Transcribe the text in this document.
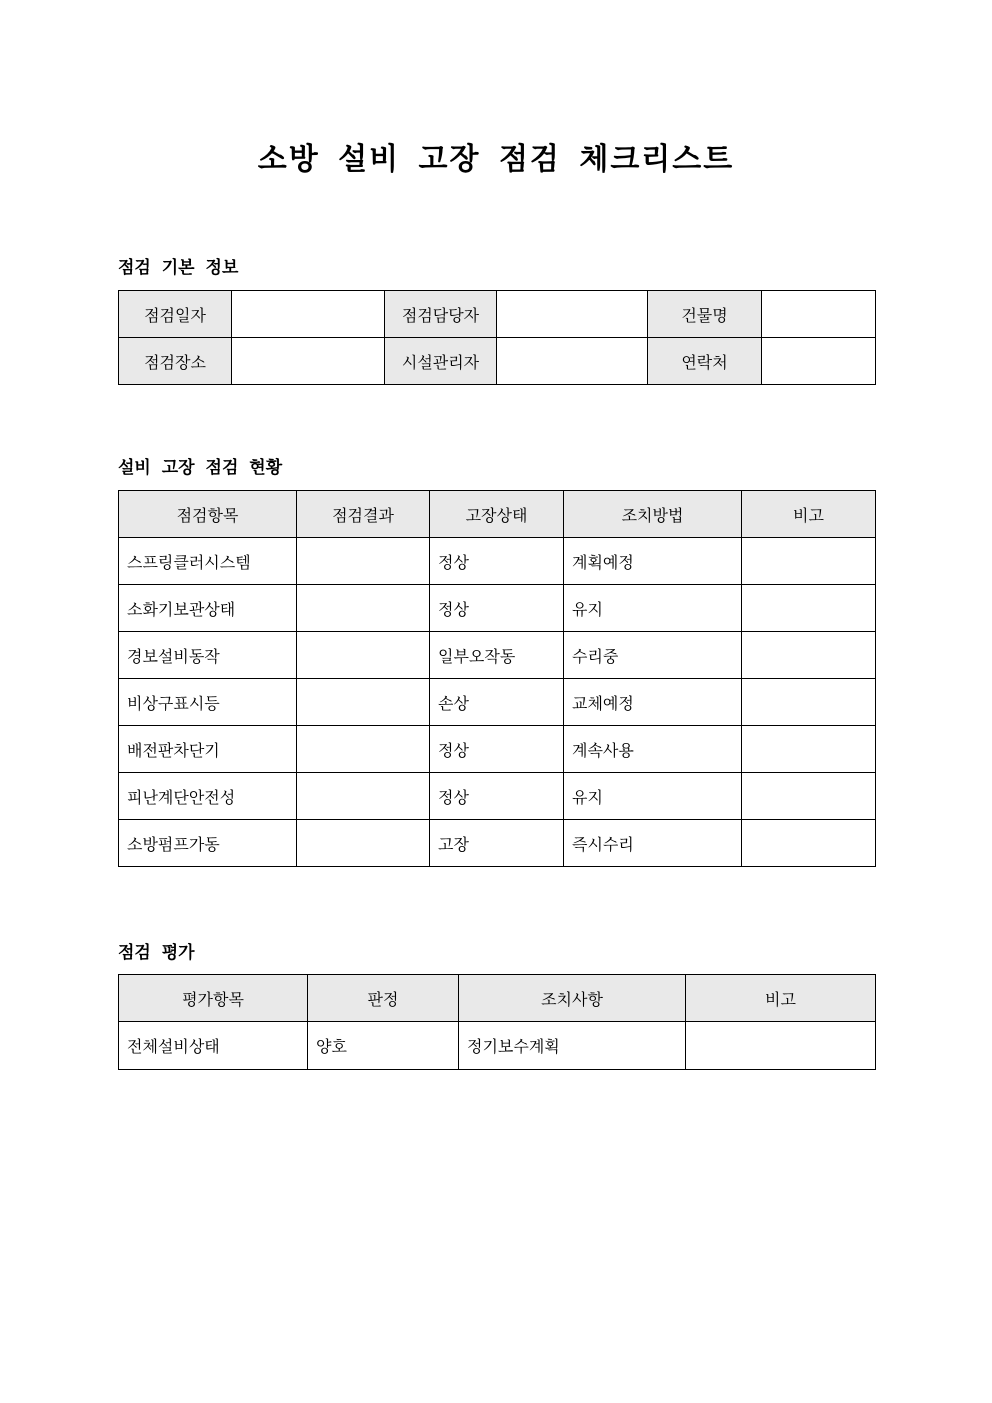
소방 설비 고장 점검 체크리스트
점검 기본 정보
점검일자		점검담당자		건물명	
점검장소		시설관리자		연락처	
설비 고장 점검 현황
점검항목	점검결과	고장상태	조치방법	비고
스프링클러시스템		정상	계획예정	
소화기보관상태		정상	유지	
경보설비동작		일부오작동	수리중	
비상구표시등		손상	교체예정	
배전판차단기		정상	계속사용	
피난계단안전성		정상	유지	
소방펌프가동		고장	즉시수리	
점검 평가
평가항목	판정	조치사항	비고
전체설비상태	양호	정기보수계획	
